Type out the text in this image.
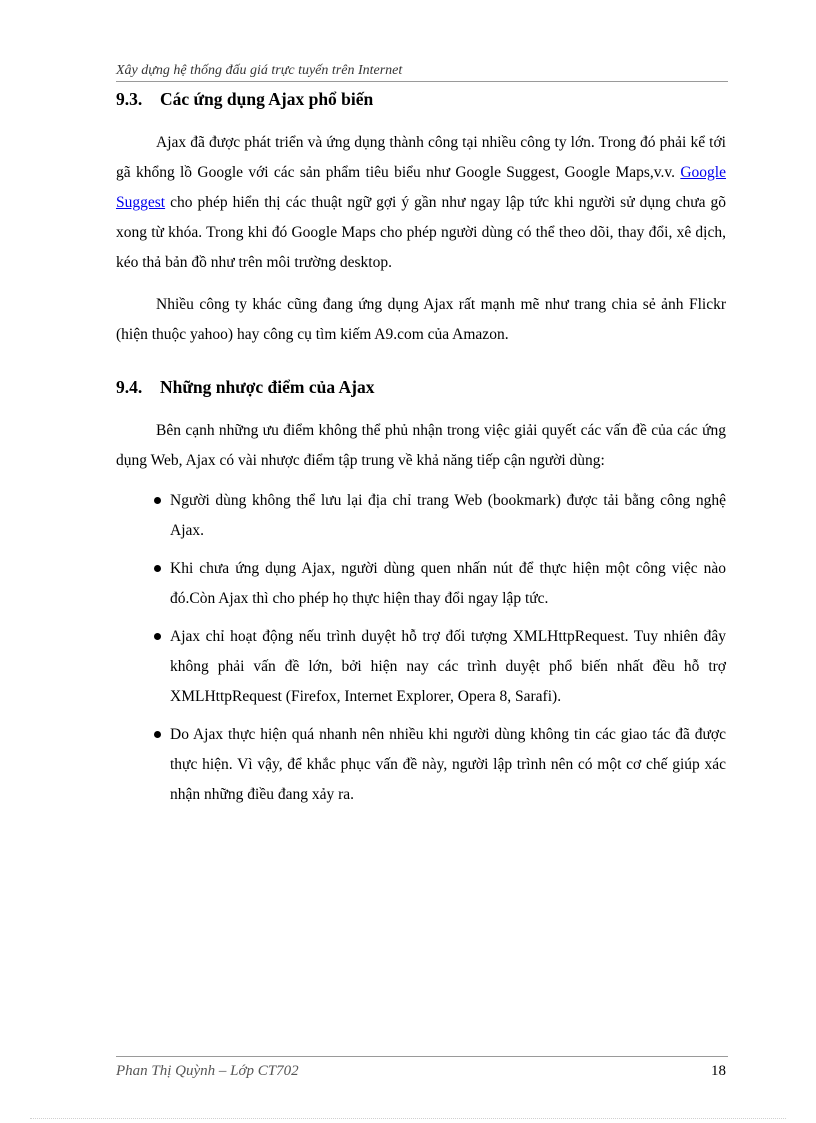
Xây dựng hệ thống đấu giá trực tuyến trên Internet
9.3.	Các ứng dụng Ajax phổ biến

Ajax đã được phát triển và ứng dụng thành công tại nhiều công ty lớn. Trong đó phải kể tới gã khổng lồ Google với các sản phẩm tiêu biểu như Google Suggest, Google Maps,v.v. Google Suggest cho phép hiển thị các thuật ngữ gợi ý gần như ngay lập tức khi người sử dụng chưa gõ xong từ khóa. Trong khi đó Google Maps cho phép người dùng có thể theo dõi, thay đổi, xê dịch, kéo thả bản đồ như trên môi trường desktop.

Nhiều công ty khác cũng đang ứng dụng Ajax rất mạnh mẽ như trang chia sẻ ảnh Flickr (hiện thuộc yahoo) hay công cụ tìm kiếm A9.com của Amazon.

9.4.	Những nhược điểm của Ajax

Bên cạnh những ưu điểm không thể phủ nhận trong việc giải quyết các vấn đề của các ứng dụng Web, Ajax có vài nhược điểm tập trung về khả năng tiếp cận người dùng:

Người dùng không thể lưu lại địa chỉ trang Web (bookmark) được tải bằng công nghệ Ajax.
Khi chưa ứng dụng Ajax, người dùng quen nhấn nút để thực hiện một công việc nào đó.Còn Ajax thì cho phép họ thực hiện thay đổi ngay lập tức.
Ajax chỉ hoạt động nếu trình duyệt hỗ trợ đối tượng XMLHttpRequest. Tuy nhiên đây không phải vấn đề lớn, bởi hiện nay các trình duyệt phổ biến nhất đều hỗ trợ XMLHttpRequest (Firefox, Internet Explorer, Opera 8, Sarafi).
Do Ajax thực hiện quá nhanh nên nhiều khi người dùng không tin các giao tác đã được thực hiện. Vì vậy, để khắc phục vấn đề này, người lập trình nên có một cơ chế giúp xác nhận những điều đang xảy ra.
Phan Thị Quỳnh – Lớp CT702	18
